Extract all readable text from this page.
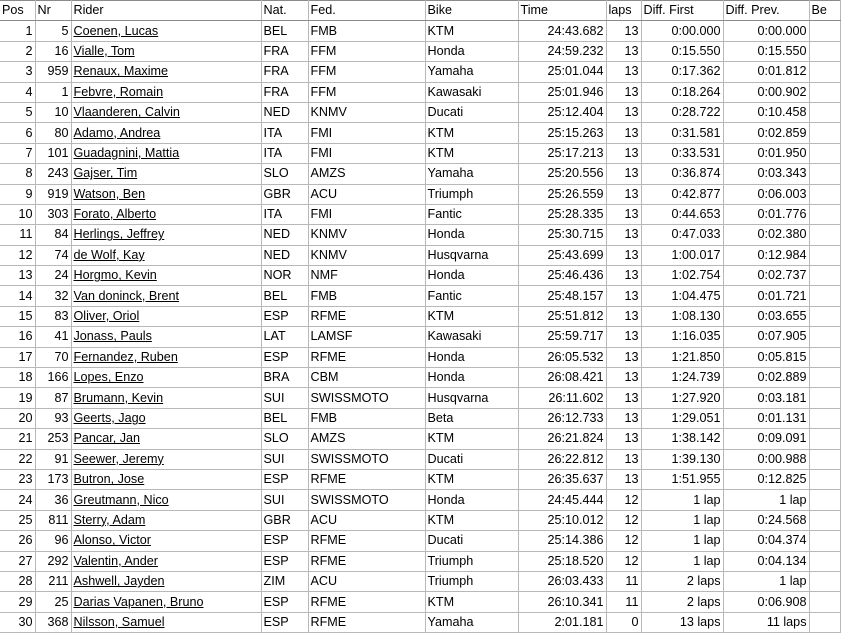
Pos	Nr	Rider	Nat.	Fed.	Bike	Time	laps	Diff. First	Diff. Prev.	Be
1	5	Coenen, Lucas	BEL	FMB	KTM	24:43.682	13	0:00.000	0:00.000	
2	16	Vialle, Tom	FRA	FFM	Honda	24:59.232	13	0:15.550	0:15.550	
3	959	Renaux, Maxime	FRA	FFM	Yamaha	25:01.044	13	0:17.362	0:01.812	
4	1	Febvre, Romain	FRA	FFM	Kawasaki	25:01.946	13	0:18.264	0:00.902	
5	10	Vlaanderen, Calvin	NED	KNMV	Ducati	25:12.404	13	0:28.722	0:10.458	
6	80	Adamo, Andrea	ITA	FMI	KTM	25:15.263	13	0:31.581	0:02.859	
7	101	Guadagnini, Mattia	ITA	FMI	KTM	25:17.213	13	0:33.531	0:01.950	
8	243	Gajser, Tim	SLO	AMZS	Yamaha	25:20.556	13	0:36.874	0:03.343	
9	919	Watson, Ben	GBR	ACU	Triumph	25:26.559	13	0:42.877	0:06.003	
10	303	Forato, Alberto	ITA	FMI	Fantic	25:28.335	13	0:44.653	0:01.776	
11	84	Herlings, Jeffrey	NED	KNMV	Honda	25:30.715	13	0:47.033	0:02.380	
12	74	de Wolf, Kay	NED	KNMV	Husqvarna	25:43.699	13	1:00.017	0:12.984	
13	24	Horgmo, Kevin	NOR	NMF	Honda	25:46.436	13	1:02.754	0:02.737	
14	32	Van doninck, Brent	BEL	FMB	Fantic	25:48.157	13	1:04.475	0:01.721	
15	83	Oliver, Oriol	ESP	RFME	KTM	25:51.812	13	1:08.130	0:03.655	
16	41	Jonass, Pauls	LAT	LAMSF	Kawasaki	25:59.717	13	1:16.035	0:07.905	
17	70	Fernandez, Ruben	ESP	RFME	Honda	26:05.532	13	1:21.850	0:05.815	
18	166	Lopes, Enzo	BRA	CBM	Honda	26:08.421	13	1:24.739	0:02.889	
19	87	Brumann, Kevin	SUI	SWISSMOTO	Husqvarna	26:11.602	13	1:27.920	0:03.181	
20	93	Geerts, Jago	BEL	FMB	Beta	26:12.733	13	1:29.051	0:01.131	
21	253	Pancar, Jan	SLO	AMZS	KTM	26:21.824	13	1:38.142	0:09.091	
22	91	Seewer, Jeremy	SUI	SWISSMOTO	Ducati	26:22.812	13	1:39.130	0:00.988	
23	173	Butron, Jose	ESP	RFME	KTM	26:35.637	13	1:51.955	0:12.825	
24	36	Greutmann, Nico	SUI	SWISSMOTO	Honda	24:45.444	12	1 lap	1 lap	
25	811	Sterry, Adam	GBR	ACU	KTM	25:10.012	12	1 lap	0:24.568	
26	96	Alonso, Victor	ESP	RFME	Ducati	25:14.386	12	1 lap	0:04.374	
27	292	Valentin, Ander	ESP	RFME	Triumph	25:18.520	12	1 lap	0:04.134	
28	211	Ashwell, Jayden	ZIM	ACU	Triumph	26:03.433	11	2 laps	1 lap	
29	25	Darias Vapanen, Bruno	ESP	RFME	KTM	26:10.341	11	2 laps	0:06.908	
30	368	Nilsson, Samuel	ESP	RFME	Yamaha	2:01.181	0	13 laps	11 laps	
